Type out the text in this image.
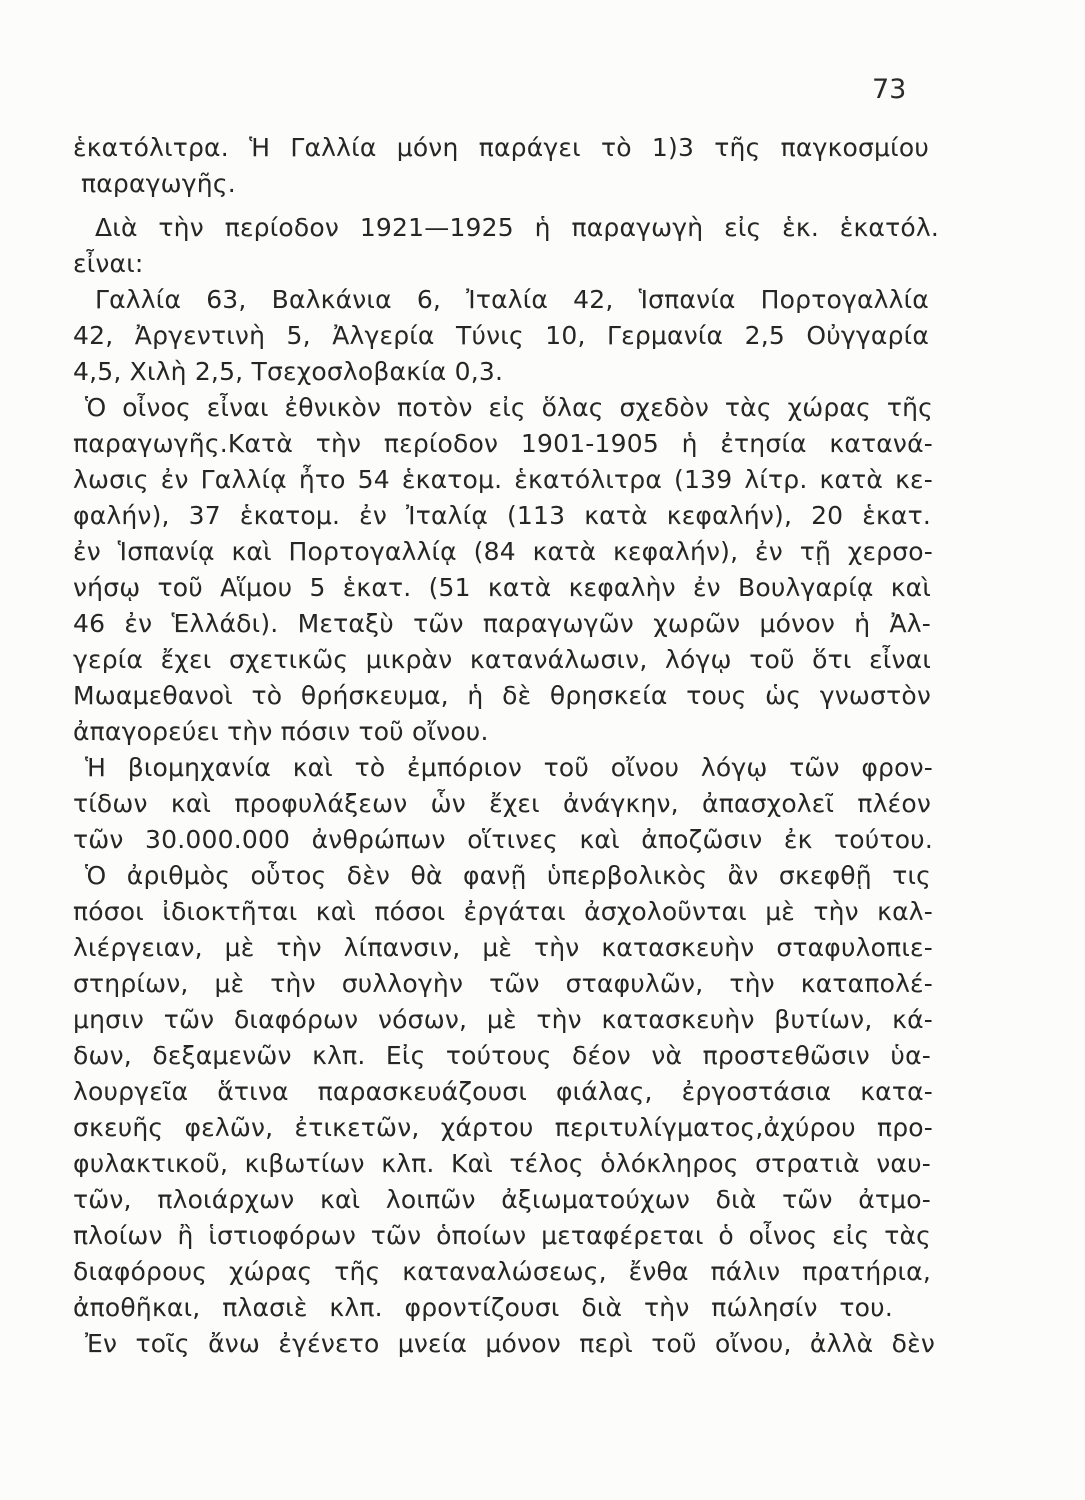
73
ἑκατόλιτρα. Ἡ Γαλλία μόνη παράγει τὸ 1)3 τῆς παγκοσμίου
παραγωγῆς.
Διὰ τὴν περίοδον 1921—1925 ἡ παραγωγὴ εἰς ἑκ. ἑκατόλ.
εἶναι:
Γαλλία 63, Βαλκάνια 6, Ἰταλία 42, Ἱσπανία Πορτογαλλία
42, Ἀργεντινὴ 5, Ἀλγερία Τύνις 10, Γερμανία 2,5 Οὐγγαρία
4,5, Χιλὴ 2,5, Τσεχοσλοβακία 0,3.
Ὁ οἶνος εἶναι ἐθνικὸν ποτὸν εἰς ὅλας σχεδὸν τὰς χώρας τῆς
παραγωγῆς.Κατὰ τὴν περίοδον 1901-1905 ἡ ἐτησία κατανά-
λωσις ἐν Γαλλίᾳ ἦτο 54 ἑκατομ. ἑκατόλιτρα (139 λίτρ. κατὰ κε-
φαλήν), 37 ἑκατομ. ἐν Ἰταλίᾳ (113 κατὰ κεφαλήν), 20 ἑκατ.
ἐν Ἱσπανίᾳ καὶ Πορτογαλλίᾳ (84 κατὰ κεφαλήν), ἐν τῇ χερσο-
νήσῳ τοῦ Αἵμου 5 ἑκατ. (51 κατὰ κεφαλὴν ἐν Βουλγαρίᾳ καὶ
46 ἐν Ἑλλάδι). Μεταξὺ τῶν παραγωγῶν χωρῶν μόνον ἡ Ἀλ-
γερία ἔχει σχετικῶς μικρὰν κατανάλωσιν, λόγῳ τοῦ ὅτι εἶναι
Μωαμεθανοὶ τὸ θρήσκευμα, ἡ δὲ θρησκεία τους ὡς γνωστὸν
ἀπαγορεύει τὴν πόσιν τοῦ οἴνου.
Ἡ βιομηχανία καὶ τὸ ἐμπόριον τοῦ οἴνου λόγῳ τῶν φρον-
τίδων καὶ προφυλάξεων ὧν ἔχει ἀνάγκην, ἀπασχολεῖ πλέον
τῶν 30.000.000 ἀνθρώπων οἵτινες καὶ ἀποζῶσιν ἐκ τούτου.
Ὁ ἀριθμὸς οὗτος δὲν θὰ φανῇ ὑπερβολικὸς ἂν σκεφθῇ τις
πόσοι ἰδιοκτῆται καὶ πόσοι ἐργάται ἀσχολοῦνται μὲ τὴν καλ-
λιέργειαν, μὲ τὴν λίπανσιν, μὲ τὴν κατασκευὴν σταφυλοπιε-
στηρίων, μὲ τὴν συλλογὴν τῶν σταφυλῶν, τὴν καταπολέ-
μησιν τῶν διαφόρων νόσων, μὲ τὴν κατασκευὴν βυτίων, κά-
δων, δεξαμενῶν κλπ. Εἰς τούτους δέον νὰ προστεθῶσιν ὑα-
λουργεῖα ἅτινα παρασκευάζουσι φιάλας, ἐργοστάσια κατα-
σκευῆς φελῶν, ἐτικετῶν, χάρτου περιτυλίγματος,ἀχύρου προ-
φυλακτικοῦ, κιβωτίων κλπ. Καὶ τέλος ὁλόκληρος στρατιὰ ναυ-
τῶν, πλοιάρχων καὶ λοιπῶν ἀξιωματούχων διὰ τῶν ἀτμο-
πλοίων ἢ ἱστιοφόρων τῶν ὁποίων μεταφέρεται ὁ οἶνος εἰς τὰς
διαφόρους χώρας τῆς καταναλώσεως, ἔνθα πάλιν πρατήρια,
ἀποθῆκαι, πλασιὲ κλπ. φροντίζουσι διὰ τὴν πώλησίν του.
Ἐν τοῖς ἄνω ἐγένετο μνεία μόνον περὶ τοῦ οἴνου, ἀλλὰ δὲν
